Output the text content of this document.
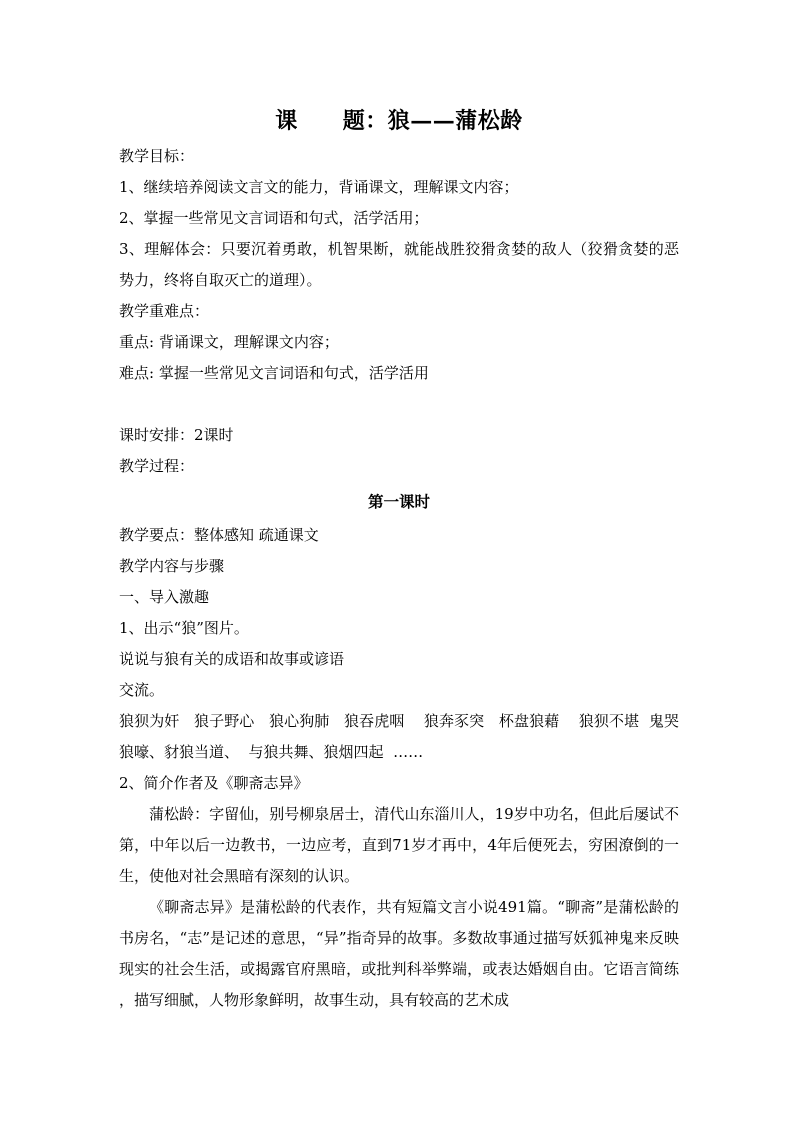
课　　题：狼——蒲松龄

教学目标：

1、继续培养阅读文言文的能力，背诵课文，理解课文内容；

2、掌握一些常见文言词语和句式，活学活用；

3、理解体会：只要沉着勇敢，机智果断，就能战胜狡猾贪婪的敌人（狡猾贪婪的恶势力，终将自取灭亡的道理）。

教学重难点：

重点: 背诵课文，理解课文内容；

难点: 掌握一些常见文言词语和句式，活学活用

课时安排：2课时

教学过程：

第一课时

教学要点：整体感知 疏通课文

教学内容与步骤

一、导入激趣

1、出示“狼”图片。

说说与狼有关的成语和故事或谚语

交流。

狼狈为奸   狼子野心   狼心狗肺   狼吞虎咽    狼奔豕突   杯盘狼藉    狼狈不堪  鬼哭狼嚎、豺狼当道、  与狼共舞、狼烟四起  ……

2、简介作者及《聊斋志异》

蒲松龄：字留仙，别号柳泉居士，清代山东淄川人，19岁中功名，但此后屡试不第，中年以后一边教书，一边应考，直到71岁才再中，4年后便死去，穷困潦倒的一生，使他对社会黑暗有深刻的认识。

《聊斋志异》是蒲松龄的代表作，共有短篇文言小说491篇。“聊斋”是蒲松龄的书房名，“志”是记述的意思，“异”指奇异的故事。多数故事通过描写妖狐神鬼来反映现实的社会生活，或揭露官府黑暗，或批判科举弊端，或表达婚姻自由。它语言简练 ，描写细腻，人物形象鲜明，故事生动，具有较高的艺术成
